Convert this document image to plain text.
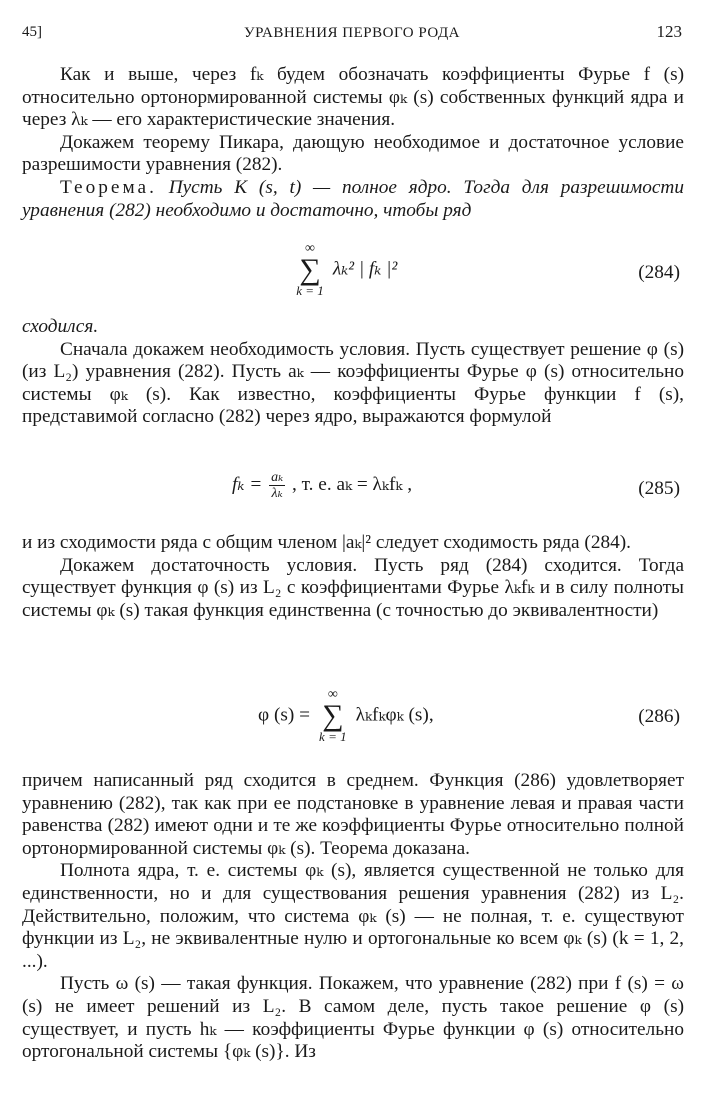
45]	УРАВНЕНИЯ ПЕРВОГО РОДА	123

Как и выше, через fₖ будем обозначать коэффициенты Фурье f (s) относительно ортонормированной системы φₖ (s) собственных функций ядра и через λₖ — его характеристические значения.

Докажем теорему Пикара, дающую необходимое и достаточное условие разрешимости уравнения (282).

Теорема. Пусть K (s, t) — полное ядро. Тогда для разрешимости уравнения (282) необходимо и достаточно, чтобы ряд

∞
∑
k = 1
λₖ² | fₖ |²	(284)

сходился.

Сначала докажем необходимость условия. Пусть существует решение φ (s) (из L₂) уравнения (282). Пусть aₖ — коэффициенты Фурье φ (s) относительно системы φₖ (s). Как известно, коэффициенты Фурье функции f (s), представимой согласно (282) через ядро, выражаются формулой

$f_k = \frac{\text{aₖ}}{\text{λₖ}}$ , т. е. aₖ = λₖfₖ ,	(285)

и из сходимости ряда с общим членом |aₖ|² следует сходимость ряда (284).

Докажем достаточность условия. Пусть ряд (284) сходится. Тогда существует функция φ (s) из L₂ с коэффициентами Фурье λₖfₖ и в силу полноты системы φₖ (s) такая функция единственна (с точностью до эквивалентности)

φ (s) =
∞
∑
k = 1
λₖfₖφₖ (s),	(286)

причем написанный ряд сходится в среднем. Функция (286) удовлетворяет уравнению (282), так как при ее подстановке в уравнение левая и правая части равенства (282) имеют одни и те же коэффициенты Фурье относительно полной ортонормированной системы φₖ (s). Теорема доказана.

Полнота ядра, т. е. системы φₖ (s), является существенной не только для единственности, но и для существования решения уравнения (282) из L₂. Действительно, положим, что система φₖ (s) — не полная, т. е. существуют функции из L₂, не эквивалентные нулю и ортогональные ко всем φₖ (s) (k = 1, 2, ...).

Пусть ω (s) — такая функция. Покажем, что уравнение (282) при f (s) = ω (s) не имеет решений из L₂. В самом деле, пусть такое решение φ (s) существует, и пусть hₖ — коэффициенты Фурье функции φ (s) относительно ортогональной системы {φₖ (s)}. Из
